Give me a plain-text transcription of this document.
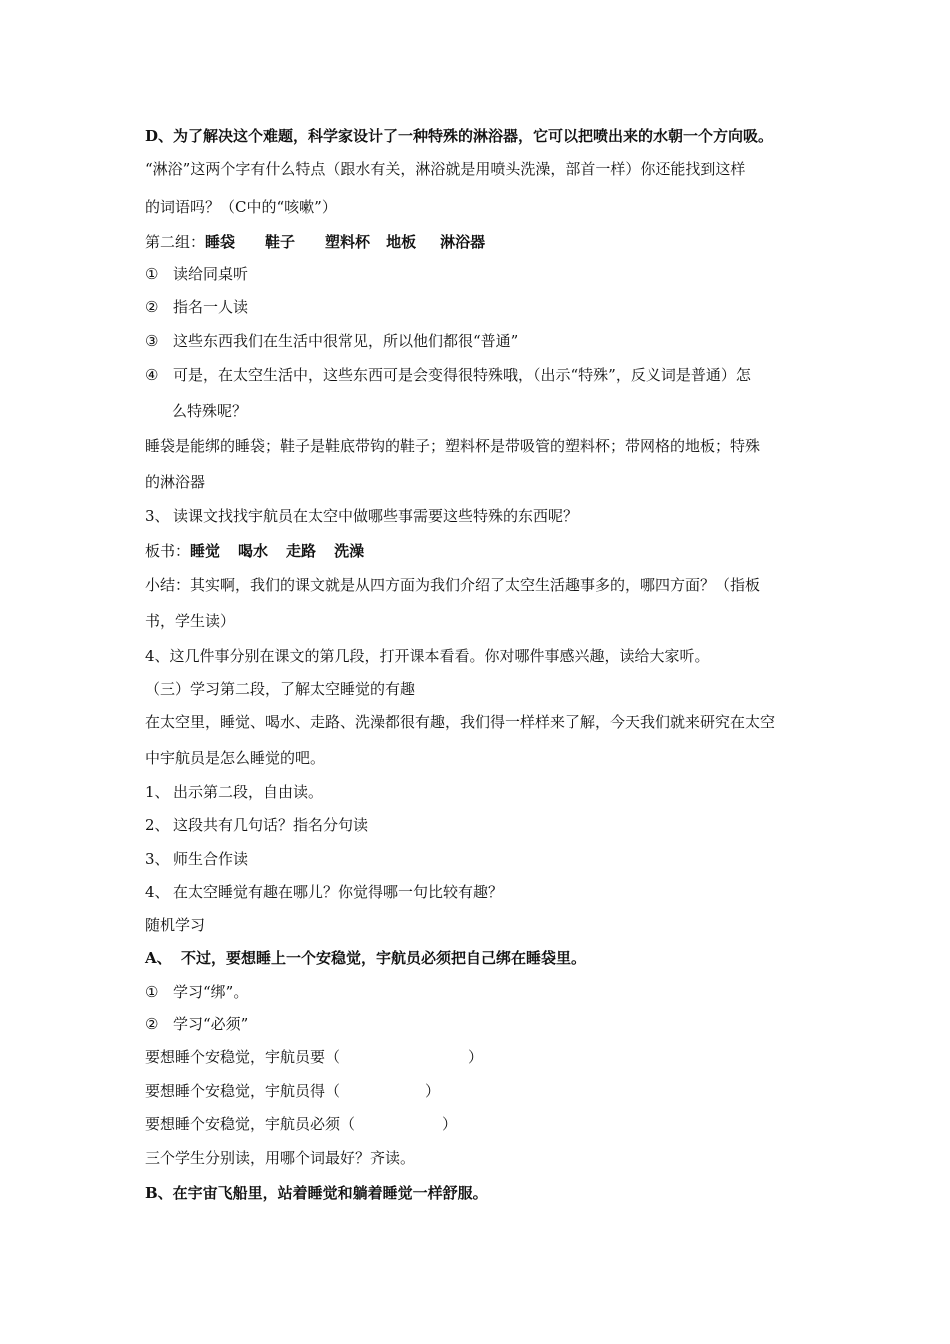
D、为了解决这个难题，科学家设计了一种特殊的淋浴器，它可以把喷出来的水朝一个方向吸。
“淋浴”这两个字有什么特点（跟水有关，淋浴就是用喷头洗澡，部首一样）你还能找到这样
的词语吗？（C中的“咳嗽”）
第二组：睡袋 鞋子 塑料杯 地板 淋浴器
① 读给同桌听
② 指名一人读
③ 这些东西我们在生活中很常见，所以他们都很“普通”
④ 可是，在太空生活中，这些东西可是会变得很特殊哦，（出示“特殊”，反义词是普通）怎
么特殊呢？
睡袋是能绑的睡袋；鞋子是鞋底带钩的鞋子；塑料杯是带吸管的塑料杯；带网格的地板；特殊
的淋浴器
3、 读课文找找宇航员在太空中做哪些事需要这些特殊的东西呢？
板书：睡觉 喝水 走路 洗澡
小结：其实啊，我们的课文就是从四方面为我们介绍了太空生活趣事多的，哪四方面？（指板
书，学生读）
4、这几件事分别在课文的第几段，打开课本看看。你对哪件事感兴趣，读给大家听。
（三）学习第二段，了解太空睡觉的有趣
在太空里，睡觉、喝水、走路、洗澡都很有趣，我们得一样样来了解，今天我们就来研究在太空
中宇航员是怎么睡觉的吧。
1、 出示第二段，自由读。
2、 这段共有几句话？指名分句读
3、 师生合作读
4、 在太空睡觉有趣在哪儿？你觉得哪一句比较有趣？
随机学习
A、 不过，要想睡上一个安稳觉，宇航员必须把自己绑在睡袋里。
① 学习“绑”。
② 学习“必须”
要想睡个安稳觉，宇航员要（	）
要想睡个安稳觉，宇航员得（	）
要想睡个安稳觉，宇航员必须（	）
三个学生分别读，用哪个词最好？齐读。
B、在宇宙飞船里，站着睡觉和躺着睡觉一样舒服。
